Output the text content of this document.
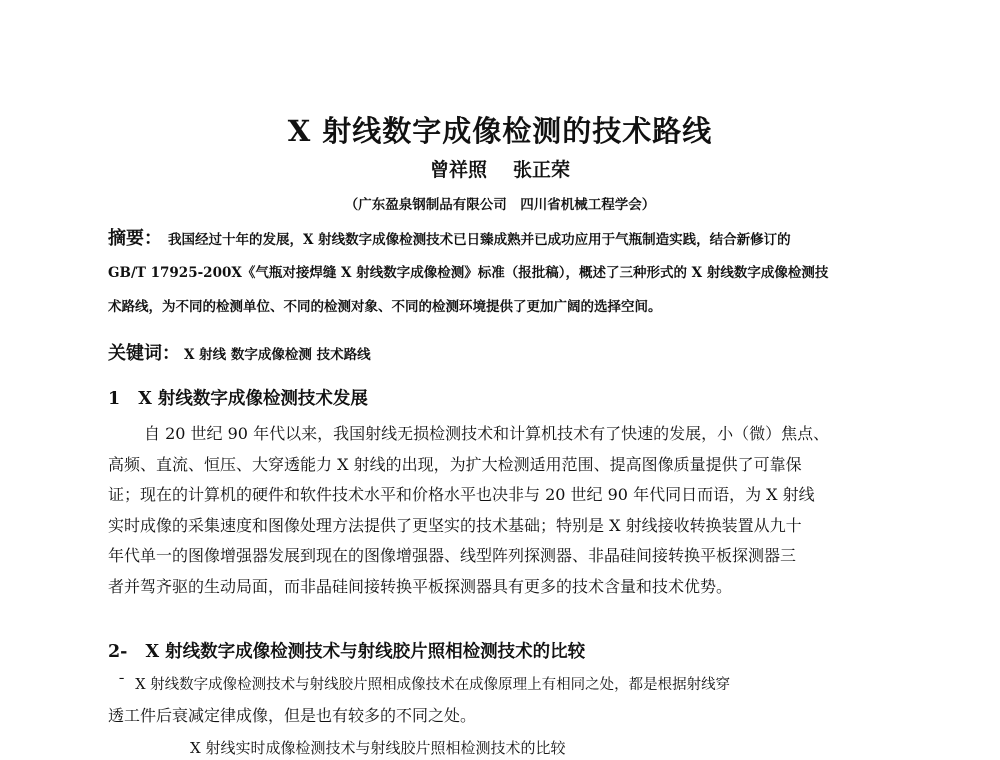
X 射线数字成像检测的技术路线
曾祥照 张正荣
（广东盈泉钢制品有限公司　四川省机械工程学会）
摘要： 我国经过十年的发展，X 射线数字成像检测技术已日臻成熟并已成功应用于气瓶制造实践，结合新修订的
GB/T 17925-200X《气瓶对接焊缝 X 射线数字成像检测》标准（报批稿），概述了三种形式的 X 射线数字成像检测技
术路线，为不同的检测单位、不同的检测对象、不同的检测环境提供了更加广阔的选择空间。
关键词： X 射线 数字成像检测 技术路线
1 X 射线数字成像检测技术发展
自 20 世纪 90 年代以来，我国射线无损检测技术和计算机技术有了快速的发展，小（微）焦点、
高频、直流、恒压、大穿透能力 X 射线的出现，为扩大检测适用范围、提高图像质量提供了可靠保
证；现在的计算机的硬件和软件技术水平和价格水平也决非与 20 世纪 90 年代同日而语，为 X 射线
实时成像的采集速度和图像处理方法提供了更坚实的技术基础；特别是 X 射线接收转换装置从九十
年代单一的图像增强器发展到现在的图像增强器、线型阵列探测器、非晶硅间接转换平板探测器三
者并驾齐驱的生动局面，而非晶硅间接转换平板探测器具有更多的技术含量和技术优势。
2- X 射线数字成像检测技术与射线胶片照相检测技术的比较
¯ X 射线数字成像检测技术与射线胶片照相成像技术在成像原理上有相同之处，都是根据射线穿
透工件后衰减定律成像，但是也有较多的不同之处。
X 射线实时成像检测技术与射线胶片照相检测技术的比较
